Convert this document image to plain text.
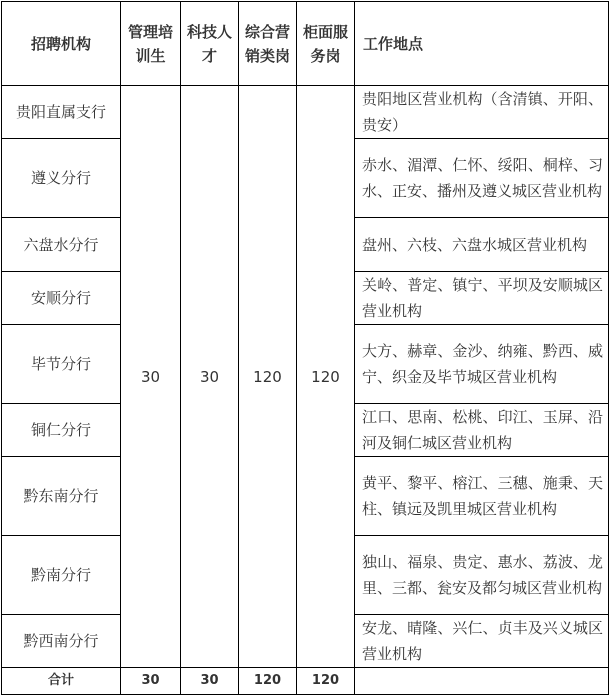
招聘机构	管理培训生	科技人才	综合营销类岗	柜面服务岗	工作地点
贵阳直属支行	30	30	120	120	贵阳地区营业机构（含清镇、开阳、贵安）
遵义分行					赤水、湄潭、仁怀、绥阳、桐梓、习水、正安、播州及遵义城区营业机构
六盘水分行					盘州、六枝、六盘水城区营业机构
安顺分行					关岭、普定、镇宁、平坝及安顺城区营业机构
毕节分行					大方、赫章、金沙、纳雍、黔西、威宁、织金及毕节城区营业机构
铜仁分行					江口、思南、松桃、印江、玉屏、沿河及铜仁城区营业机构
黔东南分行					黄平、黎平、榕江、三穗、施秉、天柱、镇远及凯里城区营业机构
黔南分行					独山、福泉、贵定、惠水、荔波、龙里、三都、瓮安及都匀城区营业机构
黔西南分行					安龙、晴隆、兴仁、贞丰及兴义城区营业机构
合计	30	30	120	120	
